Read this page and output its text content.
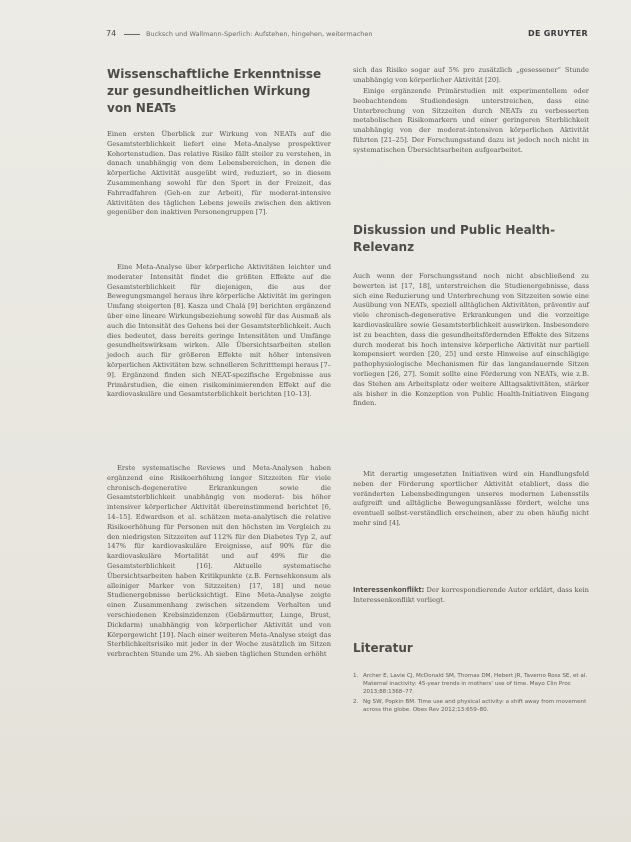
74	Bucksch und Wallmann-Sperlich: Aufstehen, hingehen, weitermachen	DE GRUYTER
Wissenschaftliche Erkenntnisse zur gesundheitlichen Wirkung von NEATs

Einen ersten Überblick zur Wirkung von NEATs auf die Gesamtsterblichkeit liefert eine Meta-Analyse prospektiver Kohortenstudien. Das relative Risiko fällt steiler zu verstehen, in danach unabhängig von dem Lebensbereichen, in denen die körperliche Aktivität ausgeübt wird, reduziert, so in diesem Zusammenhang sowohl für den Sport in der Freizeit, das Fahrradfahren (Geh-en zur Arbeit), für moderat-intensive Aktivitäten des täglichen Lebens jeweils zwischen den aktiven gegenüber den inaktiven Personengruppen [7].

Eine Meta-Analyse über körperliche Aktivitäten leichter und moderater Intensität findet die größten Effekte auf die Gesamtsterblichkeit für diejenigen, die aus der Bewegungsmangel heraus ihre körperliche Aktivität im geringen Umfang steigerten [8]. Kasza und Chalá [9] berichten ergänzend über eine lineare Wirkungsbeziehung sowohl für das Ausmaß als auch die Intensität des Gehens bei der Gesamtsterblichkeit. Auch dies bedeutet, dass bereits geringe Intensitäten und Umfänge gesundheitswirksam wirken. Alle Übersichtsarbeiten stellen jedoch auch für größeren Effekte mit höher intensiven körperlichen Aktivitäten bzw. schnelleren Schritttempi heraus [7–9]. Ergänzend finden sich NEAT-spezifische Ergebnisse aus Primärstudien, die einen risikominimierenden Effekt auf die kardiovaskuläre und Gesamtsterblichkeit berichten [10–13].

Erste systematische Reviews und Meta-Analysen haben ergänzend eine Risikoerhöhung langer Sitzzeiten für viele chronisch-degenerative Erkrankungen sowie die Gesamtsterblichkeit unabhängig von moderat- bis höher intensiver körperlicher Aktivität übereinstimmend berichtet [6, 14–15]. Edwardson et al. schätzen meta-analytisch die relative Risikoerhöhung für Personen mit den höchsten im Vergleich zu den niedrigsten Sitzzeiten auf 112% für den Diabetes Typ 2, auf 147% für kardiovaskuläre Ereignisse, auf 90% für die kardiovaskuläre Mortalität und auf 49% für die Gesamtsterblichkeit [16]. Aktuelle systematische Übersichtsarbeiten haben Kritikpunkte (z.B. Fernsehkonsum als alleiniger Marker von Sitzzeiten) [17, 18] und neue Studienergebnisse berücksichtigt. Eine Meta-Analyse zeigte einen Zusammenhang zwischen sitzendem Verhalten und verschiedenen Krebsinzidenzen (Gebärmutter, Lunge, Brust, Dickdarm) unabhängig von körperlicher Aktivität und von Körpergewicht [19]. Nach einer weiteren Meta-Analyse steigt das Sterblichkeitsrisiko mit jeder in der Woche zusätzlich im Sitzen verbrachten Stunde um 2%. Ab sieben täglichen Stunden erhöht

sich das Risiko sogar auf 5% pro zusätzlich „gesessener“ Stunde unabhängig von körperlicher Aktivität [20].

Einige ergänzende Primärstudien mit experimentellem oder beobachtendem Studiendesign unterstreichen, dass eine Unterbrechung von Sitzzeiten durch NEATs zu verbesserten metabolischen Risikomarkern und einer geringeren Sterblichkeit unabhängig von der moderat-intensiven körperlichen Aktivität führten [21–25]. Der Forschungsstand dazu ist jedoch noch nicht in systematischen Übersichtsarbeiten aufgearbeitet.

Diskussion und Public Health-Relevanz

Auch wenn der Forschungsstand noch nicht abschließend zu bewerten ist [17, 18], unterstreichen die Studienergebnisse, dass sich eine Reduzierung und Unterbrechung von Sitzzeiten sowie eine Ausübung von NEATs, speziell alltäglichen Aktivitäten, präventiv auf viele chronisch-degenerative Erkrankungen und die vorzeitige kardiovaskuläre sowie Gesamtsterblichkeit auswirken. Insbesondere ist zu beachten, dass die gesundheitsfördernden Effekte des Sitzens durch moderat bis hoch intensive körperliche Aktivität nur partiell kompensiert werden [20, 25] und erste Hinweise auf einschlägige pathophysiologische Mechanismen für das langandauernde Sitzen vorliegen [26, 27]. Somit sollte eine Förderung von NEATs, wie z.B. das Stehen am Arbeitsplatz oder weitere Alltagsaktivitäten, stärker als bisher in die Konzeption von Public Health-Initiativen Eingang finden.

Mit derartig umgesetzten Initiativen wird ein Handlungsfeld neben der Förderung sportlicher Aktivität etabliert, dass die veränderten Lebensbedingungen unseres modernen Lebensstils aufgreift und alltägliche Bewegungsanlässe fördert, welche uns eventuell selbst-verständlich erscheinen, aber zu oben häufig nicht mehr sind [4].

Interessenkonflikt: Der korrespondierende Autor erklärt, dass kein Interessenkonflikt vorliegt.

Literatur
1. Archer E, Lavie CJ, McDonald SM, Thomas DM, Hebert JR, Taverno Ross SE, et al. Maternal inactivity: 45-year trends in mothers' use of time. Mayo Clin Proc 2013;88:1368–77.
2. Ng SW, Popkin BM. Time use and physical activity: a shift away from movement across the globe. Obes Rev 2012;13:659–80.
